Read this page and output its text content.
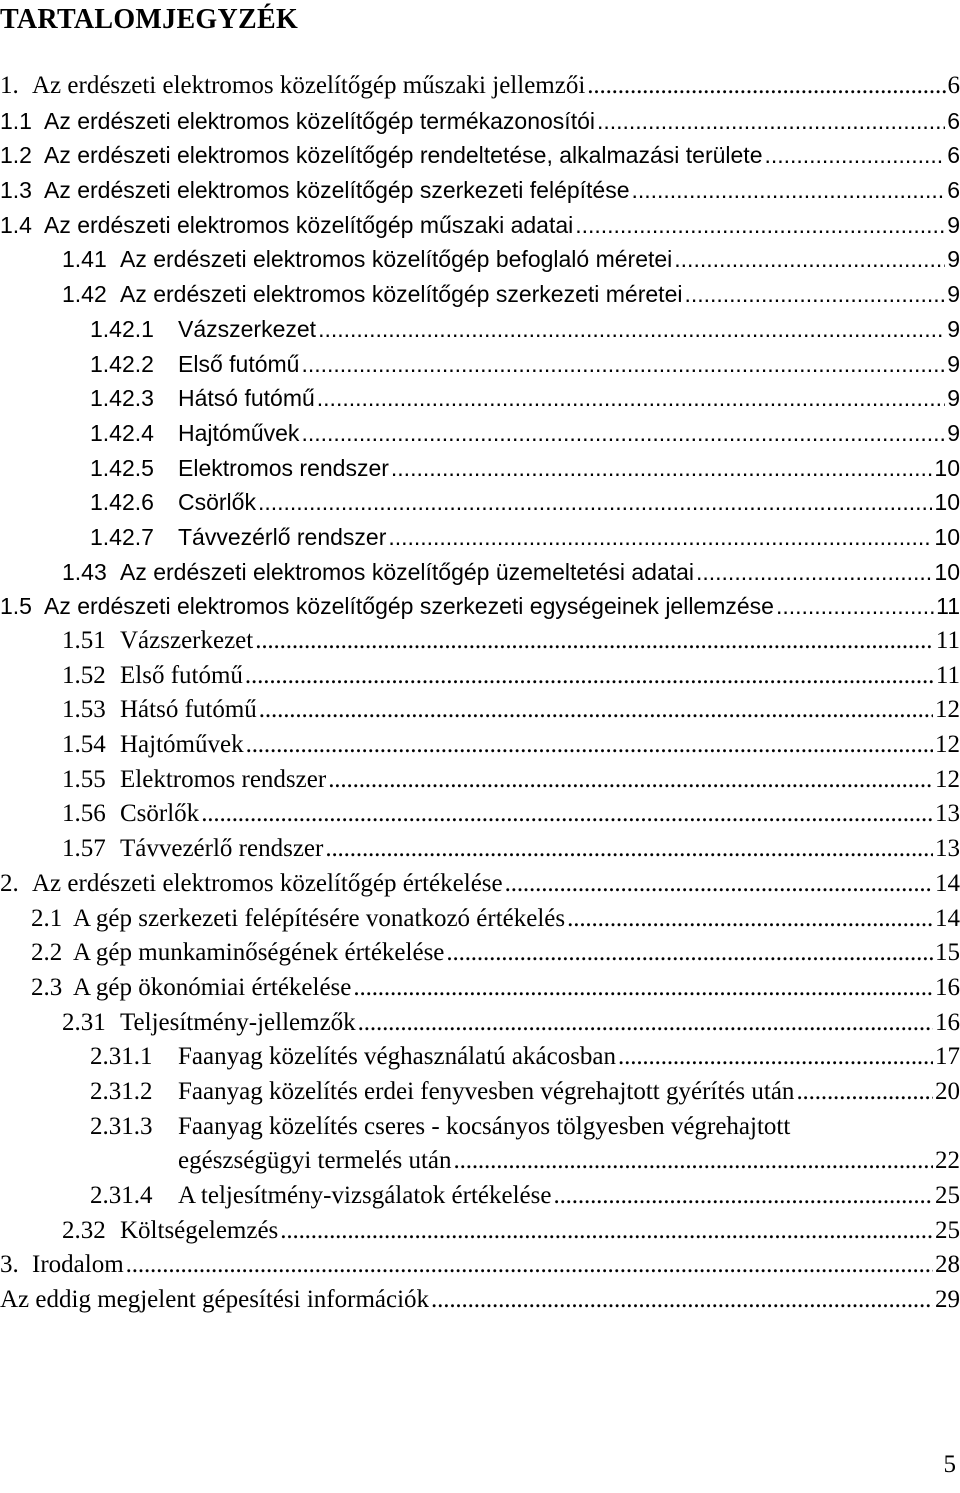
TARTALOMJEGYZÉK
1. Az erdészeti elektromos közelítőgép műszaki jellemzői . . .	6
1.1 Az erdészeti elektromos közelítőgép termékazonosítói . . .	6
1.2 Az erdészeti elektromos közelítőgép rendeltetése, alkalmazási területe . . .	6
1.3 Az erdészeti elektromos közelítőgép szerkezeti felépítése . . .	6
1.4 Az erdészeti elektromos közelítőgép műszaki adatai . . .	9
1.41 Az erdészeti elektromos közelítőgép befoglaló méretei . . .	9
1.42 Az erdészeti elektromos közelítőgép szerkezeti méretei . . .	9
1.42.1	Vázszerkezet . . .	9
1.42.2	Első futómű . . .	9
1.42.3	Hátsó futómű . . .	9
1.42.4	Hajtóművek . . .	9
1.42.5	Elektromos rendszer . . .	10
1.42.6	Csörlők . . .	10
1.42.7	Távvezérlő rendszer . . .	10
1.43 Az erdészeti elektromos közelítőgép üzemeltetési adatai . . .	10
1.5 Az erdészeti elektromos közelítőgép szerkezeti egységeinek jellemzése . . .	11
1.51 Vázszerkezet . . .	11
1.52 Első futómű . . .	11
1.53 Hátsó futómű . . .	12
1.54 Hajtóművek . . .	12
1.55 Elektromos rendszer . . .	12
1.56 Csörlők . . .	13
1.57 Távvezérlő rendszer . . .	13
2. Az erdészeti elektromos közelítőgép értékelése . . .	14
2.1 A gép szerkezeti felépítésére vonatkozó értékelés . . .	14
2.2 A gép munkaminőségének értékelése . . .	15
2.3 A gép ökonómiai értékelése . . .	16
2.31 Teljesítmény-jellemzők . . .	16
2.31.1	Faanyag közelítés véghasználatú akácosban . . .	17
2.31.2	Faanyag közelítés erdei fenyvesben végrehajtott gyérítés után . . .	20
2.31.3	Faanyag közelítés cseres - kocsányos tölgyesben végrehajtott
egészségügyi termelés után . . .	22
2.31.4	A teljesítmény-vizsgálatok értékelése . . .	25
2.32 Költségelemzés . . .	25
3. Irodalom . . .	28
Az eddig megjelent gépesítési információk . . .	29
5
